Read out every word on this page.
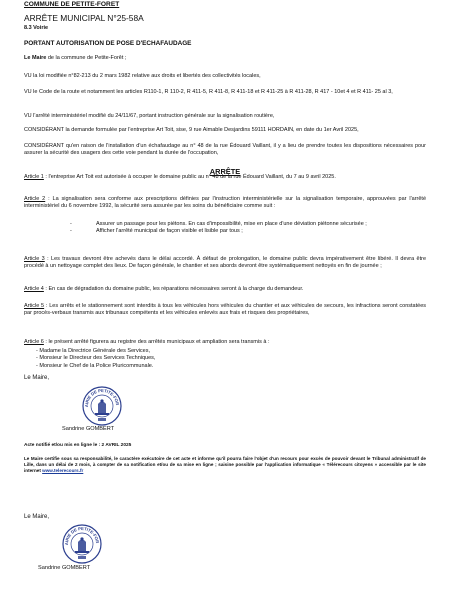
COMMUNE DE PETITE-FORET

ARRÊTE MUNICIPAL N°25-58A

8.3 Voirie

PORTANT AUTORISATION DE POSE D'ECHAFAUDAGE

Le Maire de la commune de Petite-Forêt ;

VU la loi modifiée n°82-213 du 2 mars 1982 relative aux droits et libertés des collectivités locales,

VU le Code de la route et notamment les articles R110-1, R 110-2, R 411-5, R 411-8, R 411-18 et R 411-25 à R 411-28, R 417 - 10et 4 et R 411- 25 al 3,

VU l'arrêté interministériel modifié du 24/11/67, portant instruction générale sur la signalisation routière,

CONSIDÉRANT la demande formulée par l'entreprise Art Toit, sise, 9 rue Aimable Desjardins 59111 HORDAIN, en date du 1er Avril 2025,

CONSIDÉRANT qu'en raison de l'installation d'un échafaudage au n° 48 de la rue Édouard Vaillant, il y a lieu de prendre toutes les dispositions nécessaires pour assurer la sécurité des usagers des cette voie pendant la durée de l'occupation,

ARRÊTE

Article 1 : l'entreprise Art Toit est autorisée à occuper le domaine public au n° 48 de la rue Édouard Vaillant, du 7 au 9 avril 2025.

Article 2 : La signalisation sera conforme aux prescriptions définies par l'instruction interministérielle sur la signalisation temporaire, approuvées par l'arrêté interministériel du 6 novembre 1992, la sécurité sera assurée par les soins du bénéficiaire comme suit :

-	Assurer un passage pour les piétons. En cas d'impossibilité, mise en place d'une déviation piétonne sécurisée ;
-	Afficher l'arrêté municipal de façon visible et lisible par tous ;

Article 3 : Les travaux devront être achevés dans le délai accordé. À défaut de prolongation, le domaine public devra impérativement être libéré. Il devra être procédé à un nettoyage complet des lieux. De façon générale, le chantier et ses abords devront être systématiquement nettoyés en fin de journée ;

Article 4 : En cas de dégradation du domaine public, les réparations nécessaires seront à la charge du demandeur.

Article 5 : Les arrêts et le stationnement sont interdits à tous les véhicules hors véhicules du chantier et aux véhicules de secours, les infractions seront constatées par procès-verbaux transmis aux tribunaux compétents et les véhicules enlevés aux frais et risques des propriétaires,

Article 6 : le présent arrêté figurera au registre des arrêtés municipaux et ampliation sera transmis à :

- Madame la Directrice Générale des Services,
- Monsieur le Directeur des Services Techniques,
- Monsieur le Chef de la Police Pluricommunale.

Le Maire,

AIRIE DE PETITE-FOR

Sandrine GOMBERT

Acte notifié et/ou mis en ligne le : 2 AVRIL 2025

Le Maire certifie sous sa responsabilité, le caractère exécutoire de cet acte et informe qu'il pourra faire l'objet d'un recours pour excès de pouvoir devant le Tribunal administratif de Lille, dans un délai de 2 mois, à compter de sa notification et/ou de sa mise en ligne ; saisine possible par l'application informatique « Télérecours citoyens » accessible par le site internet www.telerecours.fr

Le Maire,

AIRIE DE PETITE-FOR

Sandrine GOMBERT
